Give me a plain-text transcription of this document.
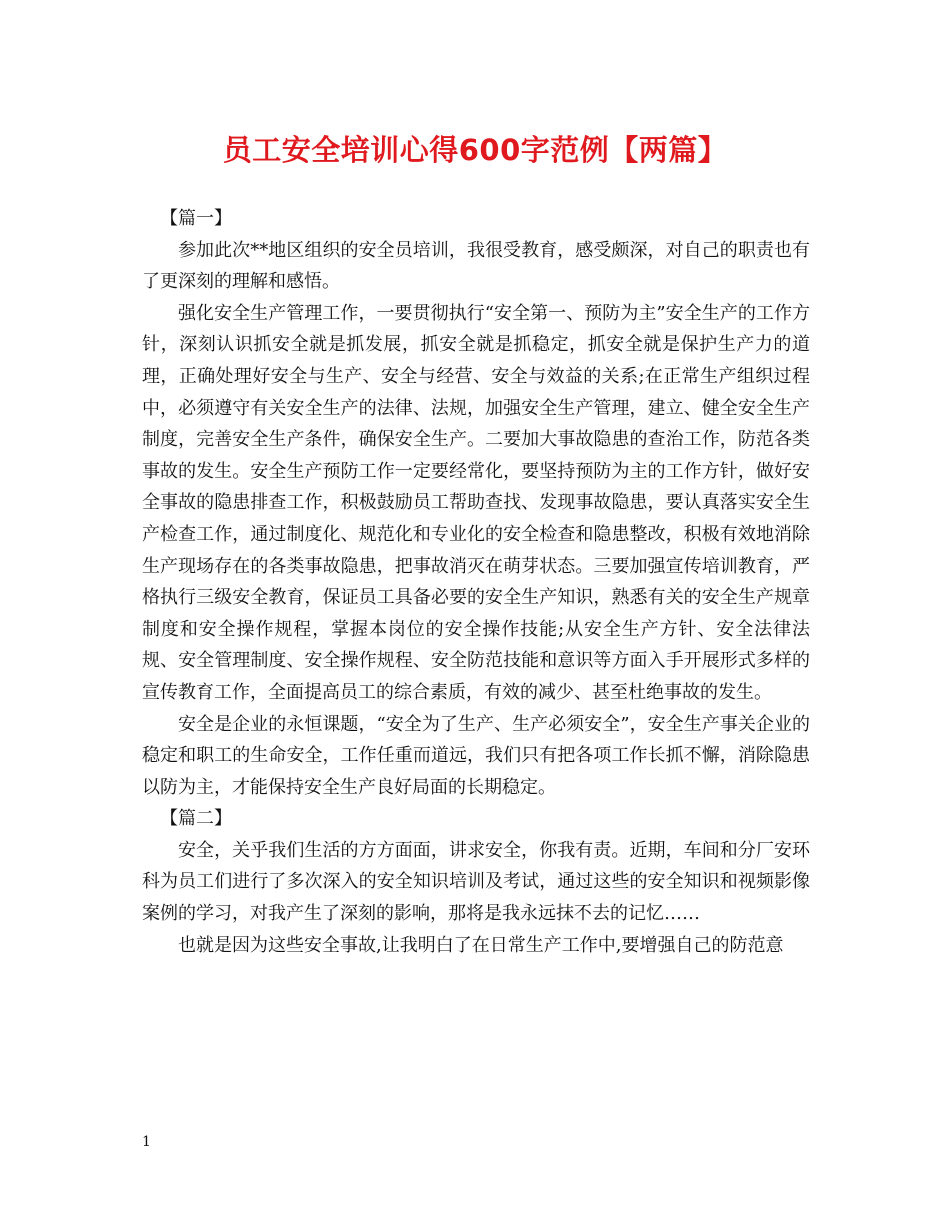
员工安全培训心得600字范例【两篇】

【篇一】

参加此次**地区组织的安全员培训，我很受教育，感受颇深，对自己的职责也有了更深刻的理解和感悟。

强化安全生产管理工作，一要贯彻执行“安全第一、预防为主”安全生产的工作方针，深刻认识抓安全就是抓发展，抓安全就是抓稳定，抓安全就是保护生产力的道理，正确处理好安全与生产、安全与经营、安全与效益的关系;在正常生产组织过程中，必须遵守有关安全生产的法律、法规，加强安全生产管理，建立、健全安全生产制度，完善安全生产条件，确保安全生产。二要加大事故隐患的查治工作，防范各类事故的发生。安全生产预防工作一定要经常化，要坚持预防为主的工作方针，做好安全事故的隐患排查工作，积极鼓励员工帮助查找、发现事故隐患，要认真落实安全生产检查工作，通过制度化、规范化和专业化的安全检查和隐患整改，积极有效地消除生产现场存在的各类事故隐患，把事故消灭在萌芽状态。三要加强宣传培训教育，严格执行三级安全教育，保证员工具备必要的安全生产知识，熟悉有关的安全生产规章制度和安全操作规程，掌握本岗位的安全操作技能;从安全生产方针、安全法律法规、安全管理制度、安全操作规程、安全防范技能和意识等方面入手开展形式多样的宣传教育工作，全面提高员工的综合素质，有效的减少、甚至杜绝事故的发生。

安全是企业的永恒课题，“安全为了生产、生产必须安全”，安全生产事关企业的稳定和职工的生命安全，工作任重而道远，我们只有把各项工作长抓不懈，消除隐患以防为主，才能保持安全生产良好局面的长期稳定。

【篇二】

安全，关乎我们生活的方方面面，讲求安全，你我有责。近期，车间和分厂安环科为员工们进行了多次深入的安全知识培训及考试，通过这些的安全知识和视频影像案例的学习，对我产生了深刻的影响，那将是我永远抹不去的记忆……

也就是因为这些安全事故,让我明白了在日常生产工作中,要增强自己的防范意

1
